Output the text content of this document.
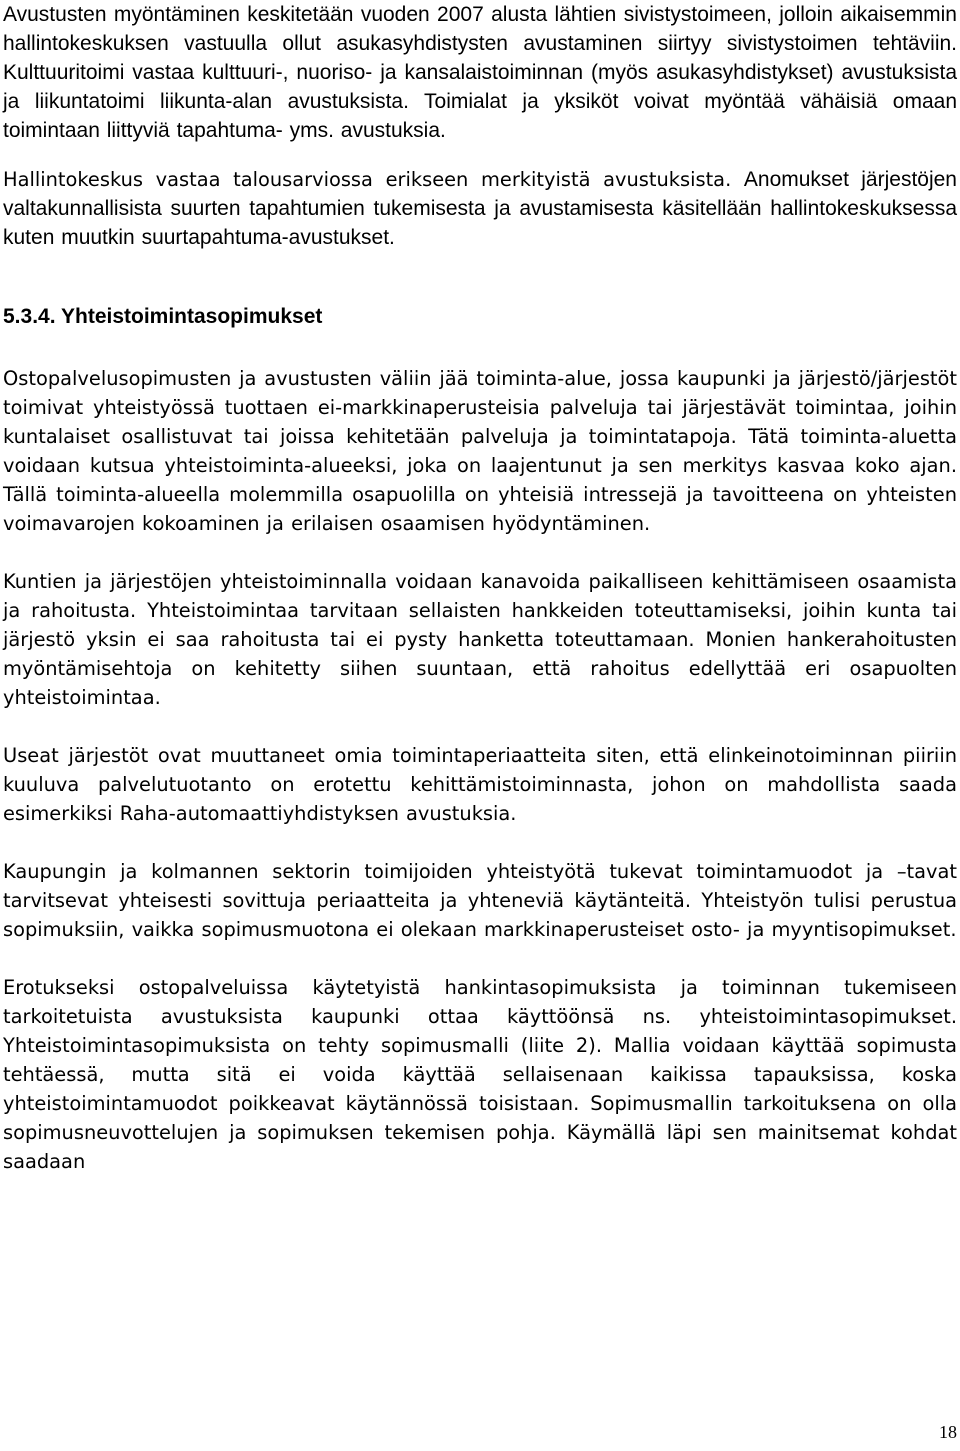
Avustusten myöntäminen keskitetään vuoden 2007 alusta lähtien sivistystoimeen, jolloin aikaisemmin hallintokeskuksen vastuulla ollut asukasyhdistysten avustaminen siirtyy sivistystoimen tehtäviin. Kulttuuritoimi vastaa kulttuuri-, nuoriso- ja kansalaistoiminnan (myös asukasyhdistykset) avustuksista ja liikuntatoimi liikunta-alan avustuksista. Toimialat ja yksiköt voivat myöntää vähäisiä omaan toimintaan liittyviä tapahtuma- yms. avustuksia.

Hallintokeskus vastaa talousarviossa erikseen merkityistä avustuksista. Anomukset järjestöjen valtakunnallisista suurten tapahtumien tukemisesta ja avustamisesta käsitellään hallintokeskuksessa kuten muutkin suurtapahtuma-avustukset.

5.3.4. Yhteistoimintasopimukset

Ostopalvelusopimusten ja avustusten väliin jää toiminta-alue, jossa kaupunki ja järjestö/järjestöt toimivat yhteistyössä tuottaen ei-markkinaperusteisia palveluja tai järjestävät toimintaa, joihin kuntalaiset osallistuvat tai joissa kehitetään palveluja ja toimintatapoja. Tätä toiminta-aluetta voidaan kutsua yhteistoiminta-alueeksi, joka on laajentunut ja sen merkitys kasvaa koko ajan. Tällä toiminta-alueella molemmilla osapuolilla on yhteisiä intressejä ja tavoitteena on yhteisten voimavarojen kokoaminen ja erilaisen osaamisen hyödyntäminen.

Kuntien ja järjestöjen yhteistoiminnalla voidaan kanavoida paikalliseen kehittämiseen osaamista ja rahoitusta. Yhteistoimintaa tarvitaan sellaisten hankkeiden toteuttamiseksi, joihin kunta tai järjestö yksin ei saa rahoitusta tai ei pysty hanketta toteuttamaan. Monien hankerahoitusten myöntämisehtoja on kehitetty siihen suuntaan, että rahoitus edellyttää eri osapuolten yhteistoimintaa.

Useat järjestöt ovat muuttaneet omia toimintaperiaatteita siten, että elinkeinotoiminnan piiriin kuuluva palvelutuotanto on erotettu kehittämistoiminnasta, johon on mahdollista saada esimerkiksi Raha-automaattiyhdistyksen avustuksia.

Kaupungin ja kolmannen sektorin toimijoiden yhteistyötä tukevat toimintamuodot ja –tavat tarvitsevat yhteisesti sovittuja periaatteita ja yhteneviä käytänteitä. Yhteistyön tulisi perustua sopimuksiin, vaikka sopimusmuotona ei olekaan markkinaperusteiset osto- ja myyntisopimukset.

Erotukseksi ostopalveluissa käytetyistä hankintasopimuksista ja toiminnan tukemiseen tarkoitetuista avustuksista kaupunki ottaa käyttöönsä ns. yhteistoimintasopimukset. Yhteistoimintasopimuksista on tehty sopimusmalli (liite 2). Mallia voidaan käyttää sopimusta tehtäessä, mutta sitä ei voida käyttää sellaisenaan kaikissa tapauksissa, koska yhteistoimintamuodot poikkeavat käytännössä toisistaan. Sopimusmallin tarkoituksena on olla sopimusneuvottelujen ja sopimuksen tekemisen pohja. Käymällä läpi sen mainitsemat kohdat saadaan

18
